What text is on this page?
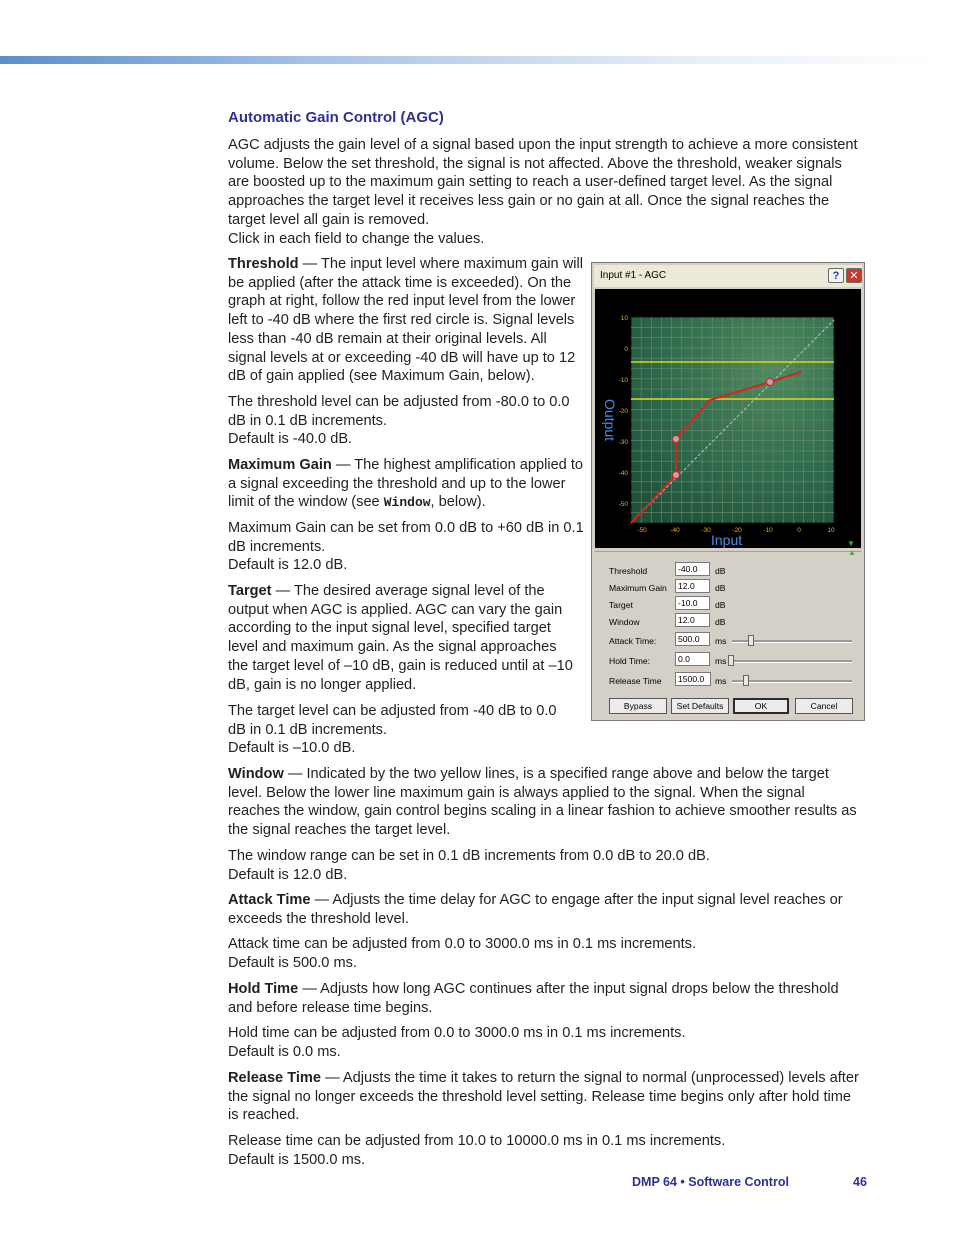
Automatic Gain Control (AGC)

AGC adjusts the gain level of a signal based upon the input strength to achieve a more consistent volume. Below the set threshold, the signal is not affected. Above the threshold, weaker signals are boosted up to the maximum gain setting to reach a user-defined target level. As the signal approaches the target level it receives less gain or no gain at all. Once the signal reaches the target level all gain is removed.
Click in each field to change the values.

Threshold — The input level where maximum gain will be applied (after the attack time is exceeded). On the graph at right, follow the red input level from the lower left to -40 dB where the first red circle is. Signal levels less than -40 dB remain at their original levels. All signal levels at or exceeding -40 dB will have up to 12 dB of gain applied (see Maximum Gain, below).

The threshold level can be adjusted from -80.0 to 0.0 dB in 0.1 dB increments.
Default is -40.0 dB.

Maximum Gain — The highest amplification applied to a signal exceeding the threshold and up to the lower limit of the window (see Window, below).

Maximum Gain can be set from 0.0 dB to +60 dB in 0.1 dB increments.
Default is 12.0 dB.

Target — The desired average signal level of the output when AGC is applied. AGC can vary the gain according to the input signal level, specified target level and maximum gain. As the signal approaches the target level of –10 dB, gain is reduced until at –10 dB, gain is no longer applied.

The target level can be adjusted from -40 dB to 0.0 dB in 0.1 dB increments.
Default is –10.0 dB.

Window — Indicated by the two yellow lines, is a specified range above and below the target level. Below the lower line maximum gain is always applied to the signal. When the signal reaches the window, gain control begins scaling in a linear fashion to achieve smoother results as the signal reaches the target level.

The window range can be set in 0.1 dB increments from 0.0 dB to 20.0 dB.
Default is 12.0 dB.

Attack Time — Adjusts the time delay for AGC to engage after the input signal level reaches or exceeds the threshold level.

Attack time can be adjusted from 0.0 to 3000.0 ms in 0.1 ms increments.
Default is 500.0 ms.

Hold Time — Adjusts how long AGC continues after the input signal drops below the threshold and before release time begins.

Hold time can be adjusted from 0.0 to 3000.0 ms in 0.1 ms increments.
Default is 0.0 ms.

Release Time — Adjusts the time it takes to return the signal to normal (unprocessed) levels after the signal no longer exceeds the threshold level setting. Release time begins only after hold time is reached.

Release time can be adjusted from 10.0 to 10000.0 ms in 0.1 ms increments.
Default is 1500.0 ms.

DMP 64 • Software Control	46
Input #1 - AGC	? ✕
10
0
-10
-20
-30
-40
-50
-50	-40	-30	-20	-10	0	10
Output
Input	▼
▲
Threshold	-40.0	dB
Maximum Gain	12.0	dB
Target	-10.0	dB
Window	12.0	dB
Attack Time:	500.0	ms
Hold Time:	0.0	ms
Release Time	1500.0	ms
Bypass	Set Defaults	OK	Cancel
